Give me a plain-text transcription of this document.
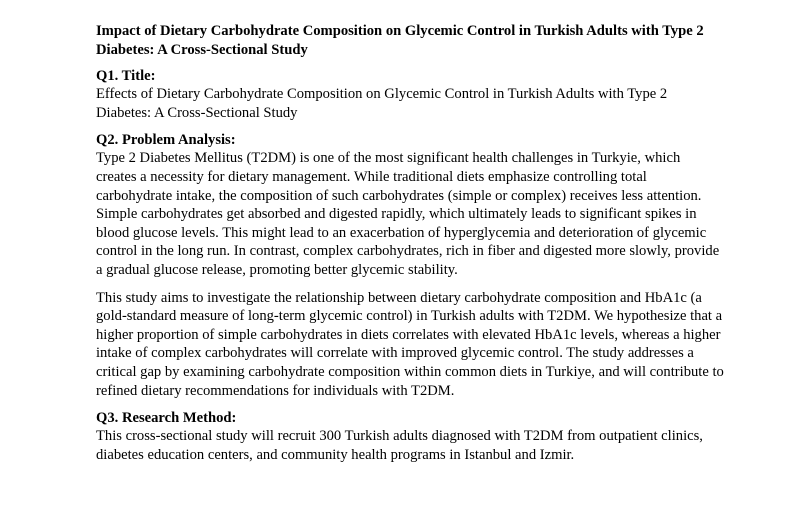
Impact of Dietary Carbohydrate Composition on Glycemic Control in Turkish Adults with Type 2 Diabetes: A Cross-Sectional Study
Q1. Title:

Effects of Dietary Carbohydrate Composition on Glycemic Control in Turkish Adults with Type 2 Diabetes: A Cross-Sectional Study

Q2. Problem Analysis:

Type 2 Diabetes Mellitus (T2DM) is one of the most significant health challenges in Turkyie, which creates a necessity for dietary management. While traditional diets emphasize controlling total carbohydrate intake, the composition of such carbohydrates (simple or complex) receives less attention. Simple carbohydrates get absorbed and digested rapidly, which ultimately leads to significant spikes in blood glucose levels. This might lead to an exacerbation of hyperglycemia and deterioration of glycemic control in the long run. In contrast, complex carbohydrates, rich in fiber and digested more slowly, provide a gradual glucose release, promoting better glycemic stability.

This study aims to investigate the relationship between dietary carbohydrate composition and HbA1c (a gold-standard measure of long-term glycemic control) in Turkish adults with T2DM. We hypothesize that a higher proportion of simple carbohydrates in diets correlates with elevated HbA1c levels, whereas a higher intake of complex carbohydrates will correlate with improved glycemic control. The study addresses a critical gap by examining carbohydrate composition within common diets in Turkiye, and will contribute to refined dietary recommendations for individuals with T2DM.

Q3. Research Method:

This cross-sectional study will recruit 300 Turkish adults diagnosed with T2DM from outpatient clinics, diabetes education centers, and community health programs in Istanbul and Izmir.
